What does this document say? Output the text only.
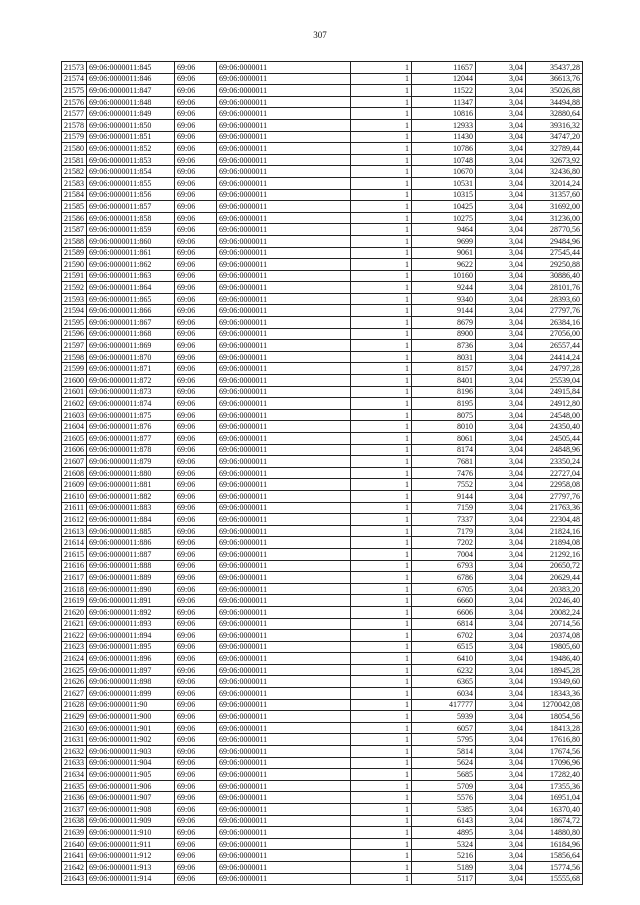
307
21573	69:06:0000011:845	69:06	69:06:0000011	1	11657	3,04	35437,28
21574	69:06:0000011:846	69:06	69:06:0000011	1	12044	3,04	36613,76
21575	69:06:0000011:847	69:06	69:06:0000011	1	11522	3,04	35026,88
21576	69:06:0000011:848	69:06	69:06:0000011	1	11347	3,04	34494,88
21577	69:06:0000011:849	69:06	69:06:0000011	1	10816	3,04	32880,64
21578	69:06:0000011:850	69:06	69:06:0000011	1	12933	3,04	39316,32
21579	69:06:0000011:851	69:06	69:06:0000011	1	11430	3,04	34747,20
21580	69:06:0000011:852	69:06	69:06:0000011	1	10786	3,04	32789,44
21581	69:06:0000011:853	69:06	69:06:0000011	1	10748	3,04	32673,92
21582	69:06:0000011:854	69:06	69:06:0000011	1	10670	3,04	32436,80
21583	69:06:0000011:855	69:06	69:06:0000011	1	10531	3,04	32014,24
21584	69:06:0000011:856	69:06	69:06:0000011	1	10315	3,04	31357,60
21585	69:06:0000011:857	69:06	69:06:0000011	1	10425	3,04	31692,00
21586	69:06:0000011:858	69:06	69:06:0000011	1	10275	3,04	31236,00
21587	69:06:0000011:859	69:06	69:06:0000011	1	9464	3,04	28770,56
21588	69:06:0000011:860	69:06	69:06:0000011	1	9699	3,04	29484,96
21589	69:06:0000011:861	69:06	69:06:0000011	1	9061	3,04	27545,44
21590	69:06:0000011:862	69:06	69:06:0000011	1	9622	3,04	29250,88
21591	69:06:0000011:863	69:06	69:06:0000011	1	10160	3,04	30886,40
21592	69:06:0000011:864	69:06	69:06:0000011	1	9244	3,04	28101,76
21593	69:06:0000011:865	69:06	69:06:0000011	1	9340	3,04	28393,60
21594	69:06:0000011:866	69:06	69:06:0000011	1	9144	3,04	27797,76
21595	69:06:0000011:867	69:06	69:06:0000011	1	8679	3,04	26384,16
21596	69:06:0000011:868	69:06	69:06:0000011	1	8900	3,04	27056,00
21597	69:06:0000011:869	69:06	69:06:0000011	1	8736	3,04	26557,44
21598	69:06:0000011:870	69:06	69:06:0000011	1	8031	3,04	24414,24
21599	69:06:0000011:871	69:06	69:06:0000011	1	8157	3,04	24797,28
21600	69:06:0000011:872	69:06	69:06:0000011	1	8401	3,04	25539,04
21601	69:06:0000011:873	69:06	69:06:0000011	1	8196	3,04	24915,84
21602	69:06:0000011:874	69:06	69:06:0000011	1	8195	3,04	24912,80
21603	69:06:0000011:875	69:06	69:06:0000011	1	8075	3,04	24548,00
21604	69:06:0000011:876	69:06	69:06:0000011	1	8010	3,04	24350,40
21605	69:06:0000011:877	69:06	69:06:0000011	1	8061	3,04	24505,44
21606	69:06:0000011:878	69:06	69:06:0000011	1	8174	3,04	24848,96
21607	69:06:0000011:879	69:06	69:06:0000011	1	7681	3,04	23350,24
21608	69:06:0000011:880	69:06	69:06:0000011	1	7476	3,04	22727,04
21609	69:06:0000011:881	69:06	69:06:0000011	1	7552	3,04	22958,08
21610	69:06:0000011:882	69:06	69:06:0000011	1	9144	3,04	27797,76
21611	69:06:0000011:883	69:06	69:06:0000011	1	7159	3,04	21763,36
21612	69:06:0000011:884	69:06	69:06:0000011	1	7337	3,04	22304,48
21613	69:06:0000011:885	69:06	69:06:0000011	1	7179	3,04	21824,16
21614	69:06:0000011:886	69:06	69:06:0000011	1	7202	3,04	21894,08
21615	69:06:0000011:887	69:06	69:06:0000011	1	7004	3,04	21292,16
21616	69:06:0000011:888	69:06	69:06:0000011	1	6793	3,04	20650,72
21617	69:06:0000011:889	69:06	69:06:0000011	1	6786	3,04	20629,44
21618	69:06:0000011:890	69:06	69:06:0000011	1	6705	3,04	20383,20
21619	69:06:0000011:891	69:06	69:06:0000011	1	6660	3,04	20246,40
21620	69:06:0000011:892	69:06	69:06:0000011	1	6606	3,04	20082,24
21621	69:06:0000011:893	69:06	69:06:0000011	1	6814	3,04	20714,56
21622	69:06:0000011:894	69:06	69:06:0000011	1	6702	3,04	20374,08
21623	69:06:0000011:895	69:06	69:06:0000011	1	6515	3,04	19805,60
21624	69:06:0000011:896	69:06	69:06:0000011	1	6410	3,04	19486,40
21625	69:06:0000011:897	69:06	69:06:0000011	1	6232	3,04	18945,28
21626	69:06:0000011:898	69:06	69:06:0000011	1	6365	3,04	19349,60
21627	69:06:0000011:899	69:06	69:06:0000011	1	6034	3,04	18343,36
21628	69:06:0000011:90	69:06	69:06:0000011	1	417777	3,04	1270042,08
21629	69:06:0000011:900	69:06	69:06:0000011	1	5939	3,04	18054,56
21630	69:06:0000011:901	69:06	69:06:0000011	1	6057	3,04	18413,28
21631	69:06:0000011:902	69:06	69:06:0000011	1	5795	3,04	17616,80
21632	69:06:0000011:903	69:06	69:06:0000011	1	5814	3,04	17674,56
21633	69:06:0000011:904	69:06	69:06:0000011	1	5624	3,04	17096,96
21634	69:06:0000011:905	69:06	69:06:0000011	1	5685	3,04	17282,40
21635	69:06:0000011:906	69:06	69:06:0000011	1	5709	3,04	17355,36
21636	69:06:0000011:907	69:06	69:06:0000011	1	5576	3,04	16951,04
21637	69:06:0000011:908	69:06	69:06:0000011	1	5385	3,04	16370,40
21638	69:06:0000011:909	69:06	69:06:0000011	1	6143	3,04	18674,72
21639	69:06:0000011:910	69:06	69:06:0000011	1	4895	3,04	14880,80
21640	69:06:0000011:911	69:06	69:06:0000011	1	5324	3,04	16184,96
21641	69:06:0000011:912	69:06	69:06:0000011	1	5216	3,04	15856,64
21642	69:06:0000011:913	69:06	69:06:0000011	1	5189	3,04	15774,56
21643	69:06:0000011:914	69:06	69:06:0000011	1	5117	3,04	15555,68
